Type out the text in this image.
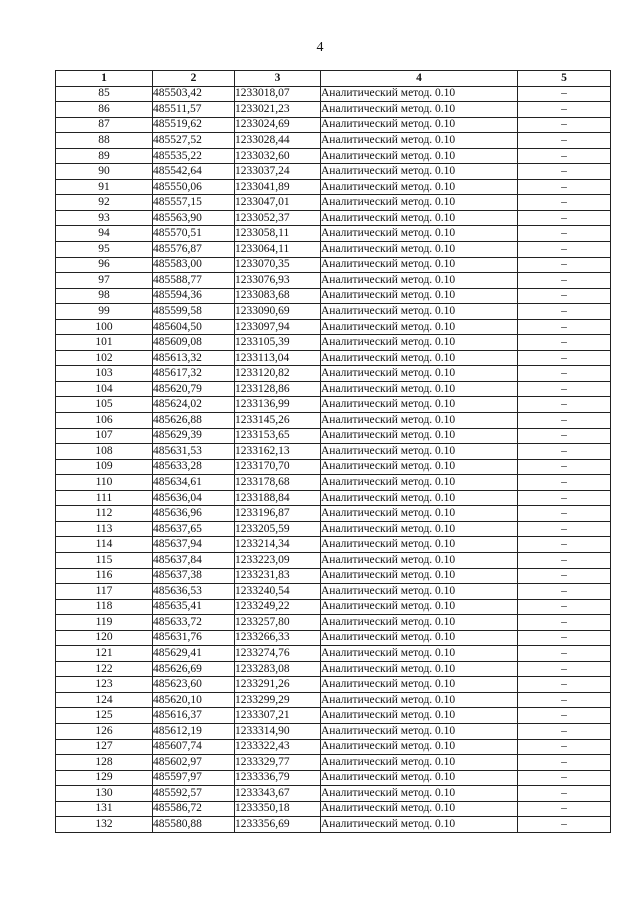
4
1	2	3	4	5
85	485503,42	1233018,07	Аналитический метод. 0.10	–
86	485511,57	1233021,23	Аналитический метод. 0.10	–
87	485519,62	1233024,69	Аналитический метод. 0.10	–
88	485527,52	1233028,44	Аналитический метод. 0.10	–
89	485535,22	1233032,60	Аналитический метод. 0.10	–
90	485542,64	1233037,24	Аналитический метод. 0.10	–
91	485550,06	1233041,89	Аналитический метод. 0.10	–
92	485557,15	1233047,01	Аналитический метод. 0.10	–
93	485563,90	1233052,37	Аналитический метод. 0.10	–
94	485570,51	1233058,11	Аналитический метод. 0.10	–
95	485576,87	1233064,11	Аналитический метод. 0.10	–
96	485583,00	1233070,35	Аналитический метод. 0.10	–
97	485588,77	1233076,93	Аналитический метод. 0.10	–
98	485594,36	1233083,68	Аналитический метод. 0.10	–
99	485599,58	1233090,69	Аналитический метод. 0.10	–
100	485604,50	1233097,94	Аналитический метод. 0.10	–
101	485609,08	1233105,39	Аналитический метод. 0.10	–
102	485613,32	1233113,04	Аналитический метод. 0.10	–
103	485617,32	1233120,82	Аналитический метод. 0.10	–
104	485620,79	1233128,86	Аналитический метод. 0.10	–
105	485624,02	1233136,99	Аналитический метод. 0.10	–
106	485626,88	1233145,26	Аналитический метод. 0.10	–
107	485629,39	1233153,65	Аналитический метод. 0.10	–
108	485631,53	1233162,13	Аналитический метод. 0.10	–
109	485633,28	1233170,70	Аналитический метод. 0.10	–
110	485634,61	1233178,68	Аналитический метод. 0.10	–
111	485636,04	1233188,84	Аналитический метод. 0.10	–
112	485636,96	1233196,87	Аналитический метод. 0.10	–
113	485637,65	1233205,59	Аналитический метод. 0.10	–
114	485637,94	1233214,34	Аналитический метод. 0.10	–
115	485637,84	1233223,09	Аналитический метод. 0.10	–
116	485637,38	1233231,83	Аналитический метод. 0.10	–
117	485636,53	1233240,54	Аналитический метод. 0.10	–
118	485635,41	1233249,22	Аналитический метод. 0.10	–
119	485633,72	1233257,80	Аналитический метод. 0.10	–
120	485631,76	1233266,33	Аналитический метод. 0.10	–
121	485629,41	1233274,76	Аналитический метод. 0.10	–
122	485626,69	1233283,08	Аналитический метод. 0.10	–
123	485623,60	1233291,26	Аналитический метод. 0.10	–
124	485620,10	1233299,29	Аналитический метод. 0.10	–
125	485616,37	1233307,21	Аналитический метод. 0.10	–
126	485612,19	1233314,90	Аналитический метод. 0.10	–
127	485607,74	1233322,43	Аналитический метод. 0.10	–
128	485602,97	1233329,77	Аналитический метод. 0.10	–
129	485597,97	1233336,79	Аналитический метод. 0.10	–
130	485592,57	1233343,67	Аналитический метод. 0.10	–
131	485586,72	1233350,18	Аналитический метод. 0.10	–
132	485580,88	1233356,69	Аналитический метод. 0.10	–
